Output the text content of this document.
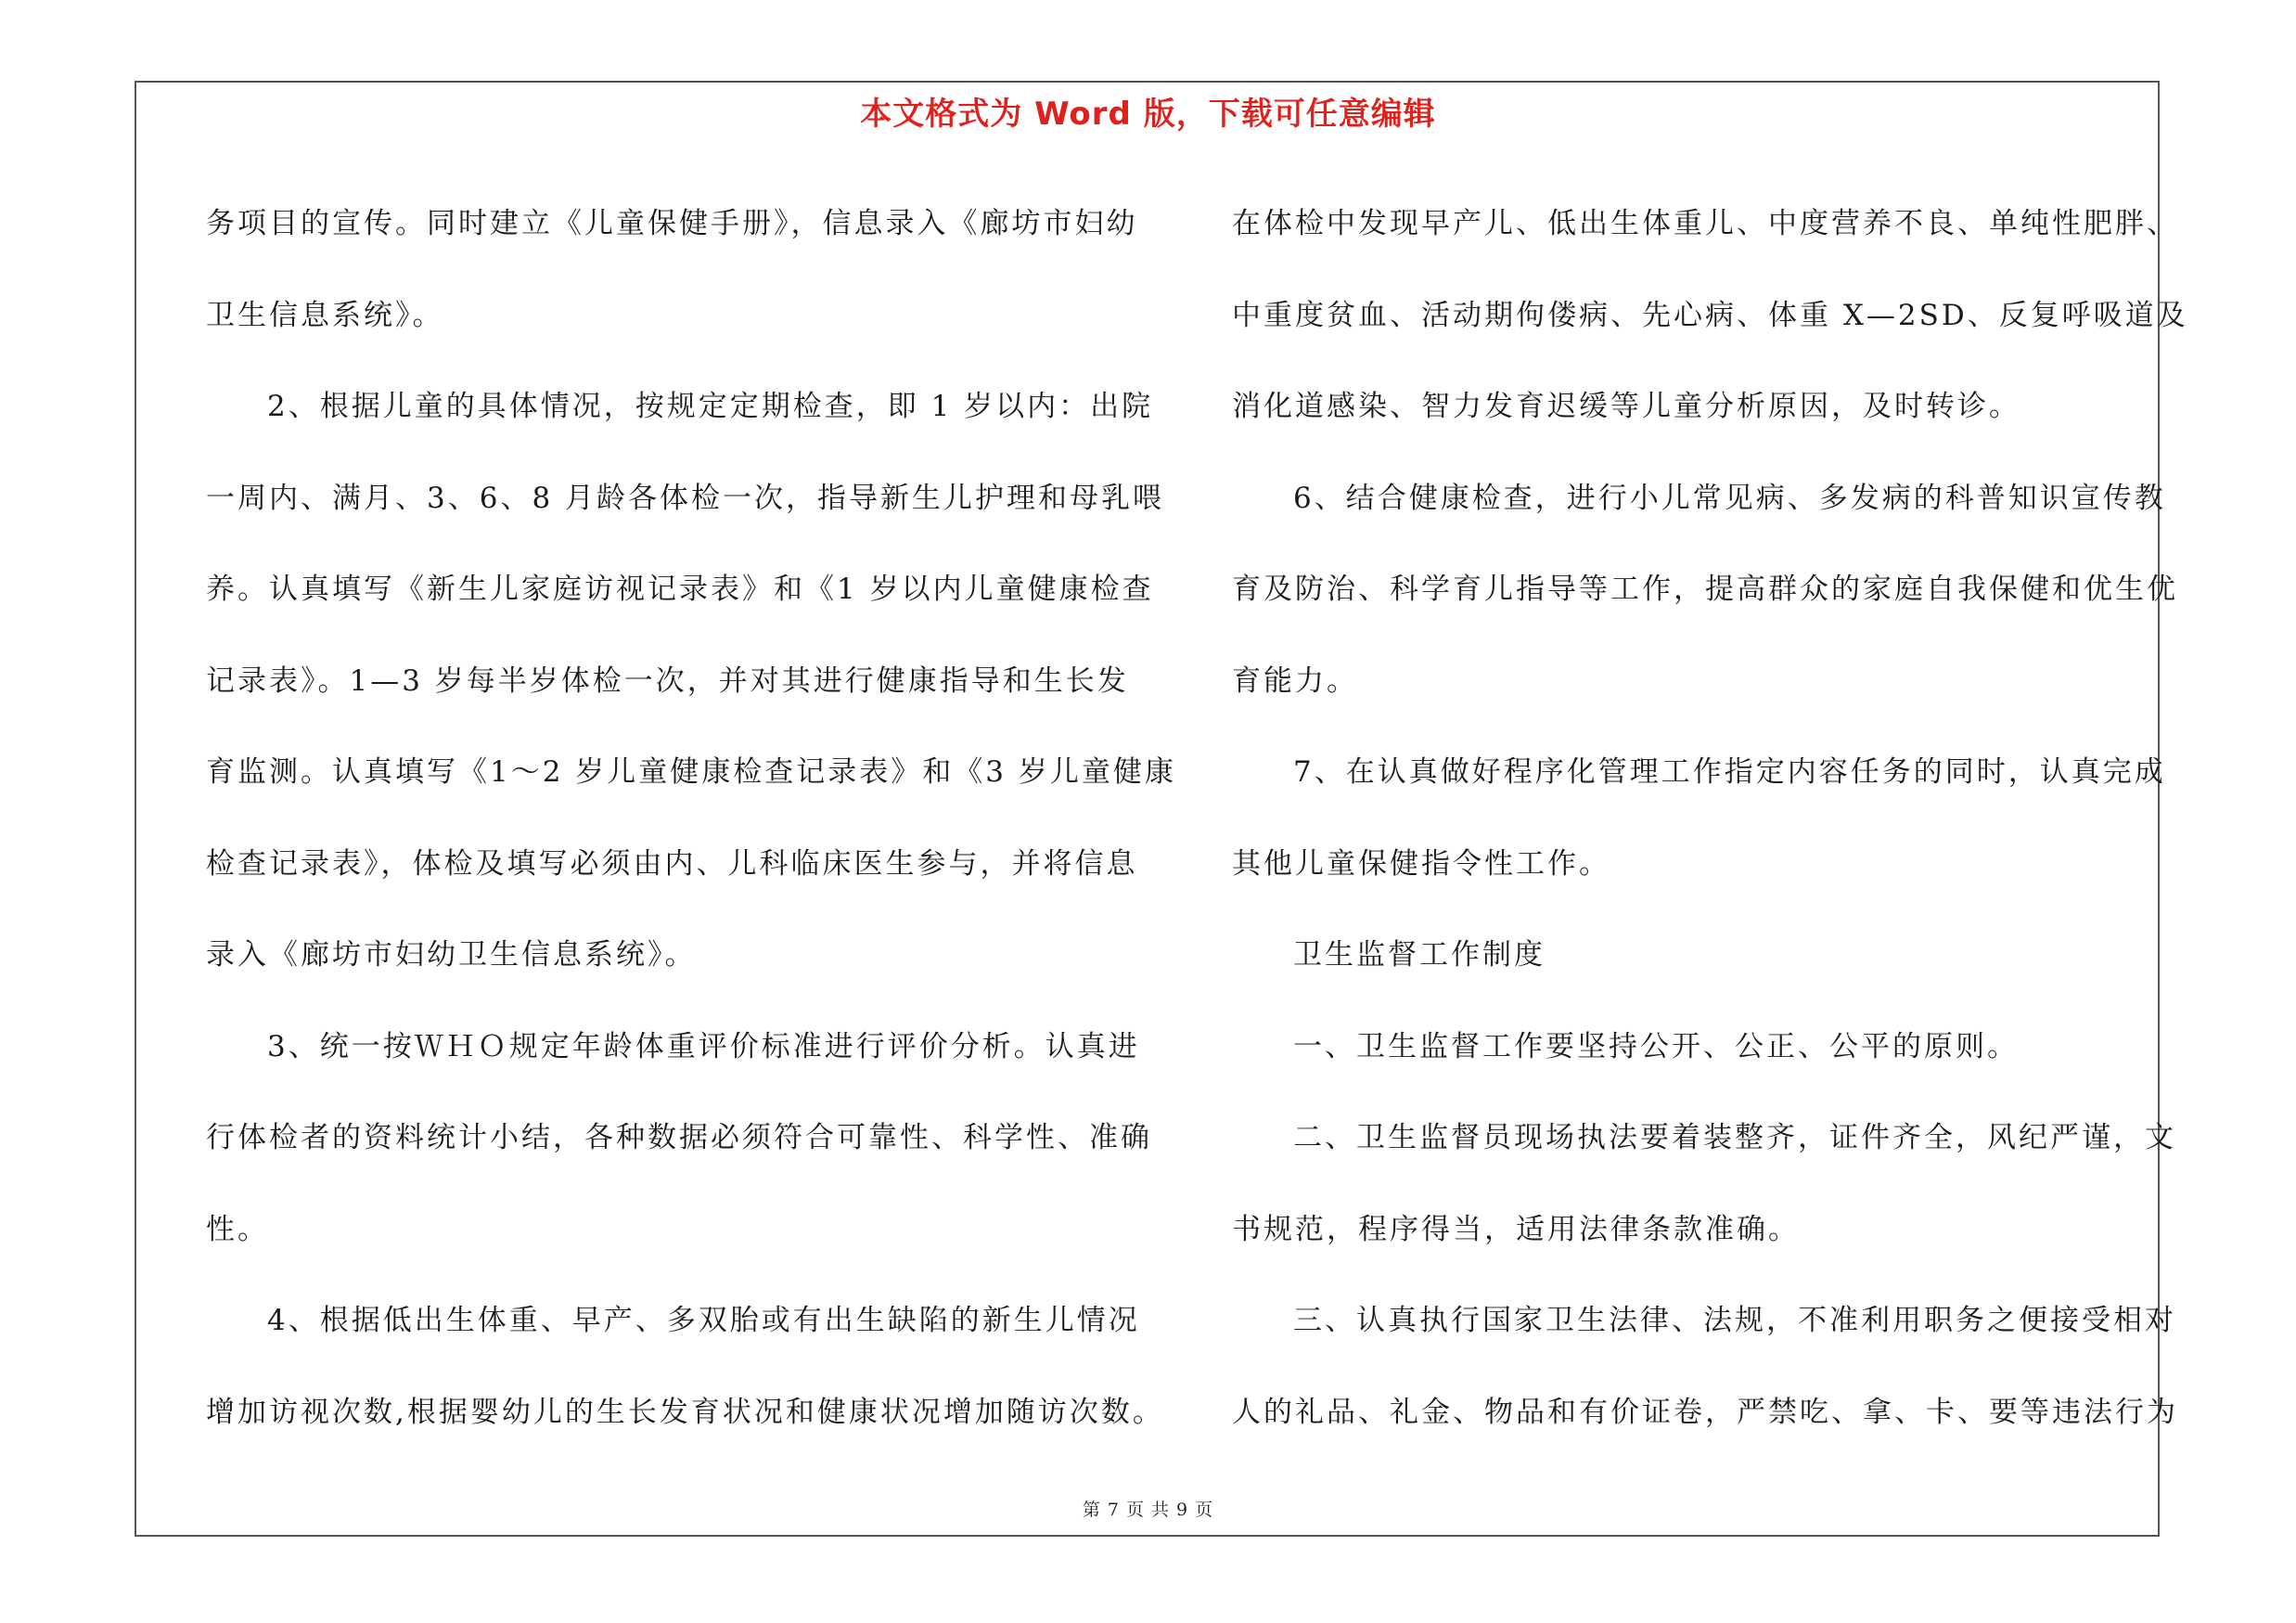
本文格式为 Word 版，下载可任意编辑
务项目的宣传。同时建立《儿童保健手册》，信息录入《廊坊市妇幼
卫生信息系统》。
2、根据儿童的具体情况，按规定定期检查，即 1 岁以内：出院
一周内、满月、3、6、8 月龄各体检一次，指导新生儿护理和母乳喂
养。认真填写《新生儿家庭访视记录表》和《1 岁以内儿童健康检查
记录表》。1—3 岁每半岁体检一次，并对其进行健康指导和生长发
育监测。认真填写《1～2 岁儿童健康检查记录表》和《3 岁儿童健康
检查记录表》，体检及填写必须由内、儿科临床医生参与，并将信息
录入《廊坊市妇幼卫生信息系统》。
3、统一按ＷＨＯ规定年龄体重评价标准进行评价分析。认真进
行体检者的资料统计小结，各种数据必须符合可靠性、科学性、准确
性。
4、根据低出生体重、早产、多双胎或有出生缺陷的新生儿情况
增加访视次数,根据婴幼儿的生长发育状况和健康状况增加随访次数。
在体检中发现早产儿、低出生体重儿、中度营养不良、单纯性肥胖、
中重度贫血、活动期佝偻病、先心病、体重 X—2SD、反复呼吸道及
消化道感染、智力发育迟缓等儿童分析原因，及时转诊。
6、结合健康检查，进行小儿常见病、多发病的科普知识宣传教
育及防治、科学育儿指导等工作，提高群众的家庭自我保健和优生优
育能力。
7、在认真做好程序化管理工作指定内容任务的同时，认真完成
其他儿童保健指令性工作。
卫生监督工作制度
一、卫生监督工作要坚持公开、公正、公平的原则。
二、卫生监督员现场执法要着装整齐，证件齐全，风纪严谨，文
书规范，程序得当，适用法律条款准确。
三、认真执行国家卫生法律、法规，不准利用职务之便接受相对
人的礼品、礼金、物品和有价证卷，严禁吃、拿、卡、要等违法行为
第 7 页 共 9 页
